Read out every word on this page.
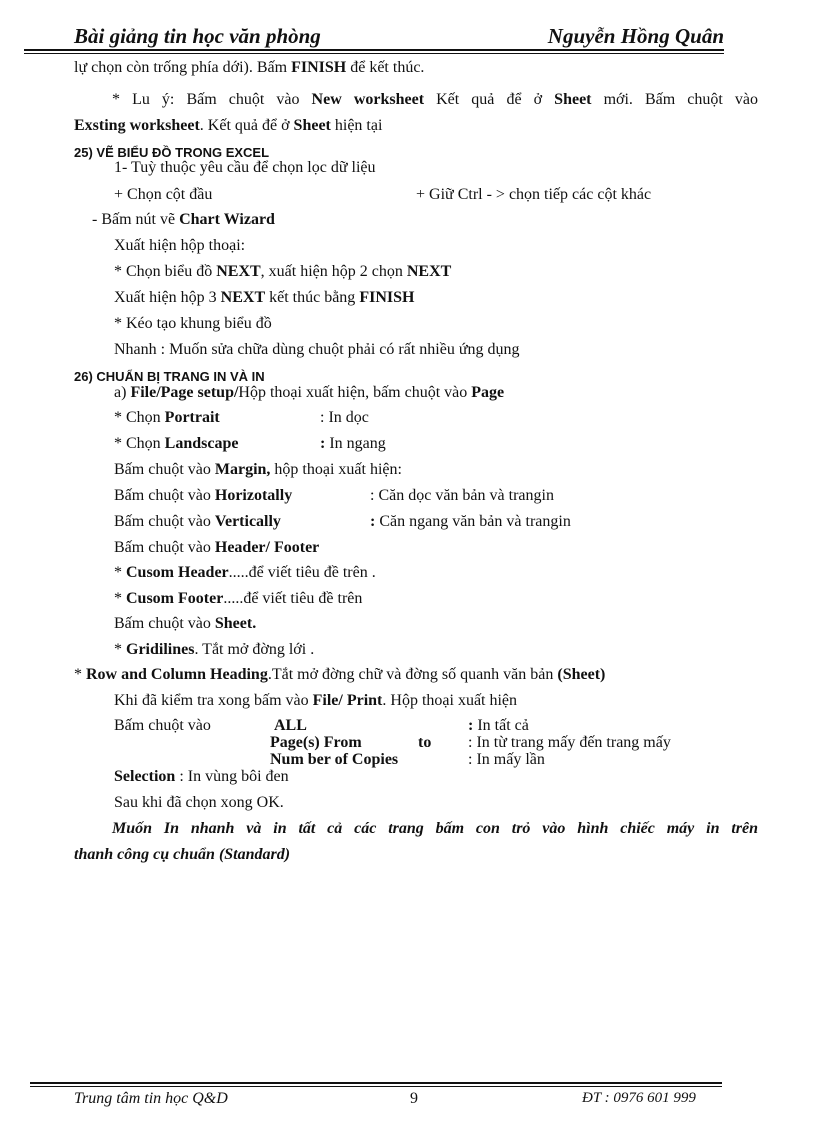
Bài giảng tin học văn phòng	Nguyễn Hồng Quân
lự chọn còn trống phía dới). Bấm FINISH để kết thúc.
* Lu ý: Bấm chuột vào New worksheet Kết quả để ở Sheet mới. Bấm chuột vào
Exsting worksheet. Kết quả để ở Sheet hiện tại
25) VẼ BIỂU ĐỒ TRONG EXCEL
1- Tuỳ thuộc yêu cầu để chọn lọc dữ liệu
+ Chọn cột đầu	+ Giữ Ctrl - > chọn tiếp các cột khác
- Bấm nút vẽ Chart Wizard
Xuất hiện hộp thoại:
* Chọn biểu đồ NEXT, xuất hiện hộp 2 chọn NEXT
Xuất hiện hộp 3 NEXT kết thúc bằng FINISH
* Kéo tạo khung biểu đồ
Nhanh : Muốn sửa chữa dùng chuột phải có rất nhiều ứng dụng
26) CHUẨN BỊ TRANG IN VÀ IN
a) File/Page setup/Hộp thoại xuất hiện, bấm chuột vào Page
* Chọn Portrait	: In dọc
* Chọn Landscape	: In ngang
Bấm chuột vào Margin, hộp thoại xuất hiện:
Bấm chuột vào Horizotally	: Căn dọc văn bản và trangin
Bấm chuột vào Vertically	: Căn ngang văn bản và trangin
Bấm chuột vào Header/ Footer
* Cusom Header.....để viết tiêu đề trên .
* Cusom Footer.....để viết tiêu đề trên
Bấm chuột vào Sheet.
* Gridilines. Tắt mở đờng lới .
* Row and Column Heading.Tắt mở đờng chữ và đờng số quanh văn bản (Sheet)
Khi đã kiểm tra xong bấm vào File/ Print. Hộp thoại xuất hiện
Bấm chuột vào	ALL	: In tất cả
Page(s) From	to : In từ trang mấy đến trang mấy
Num ber of Copies	: In mấy lần
Selection : In vùng bôi đen
Sau khi đã chọn xong OK.
Muốn In nhanh và in tất cả các trang bấm con trỏ vào hình chiếc máy in trên
thanh công cụ chuẩn (Standard)
Trung tâm tin học Q&D	9	ĐT : 0976 601 999
